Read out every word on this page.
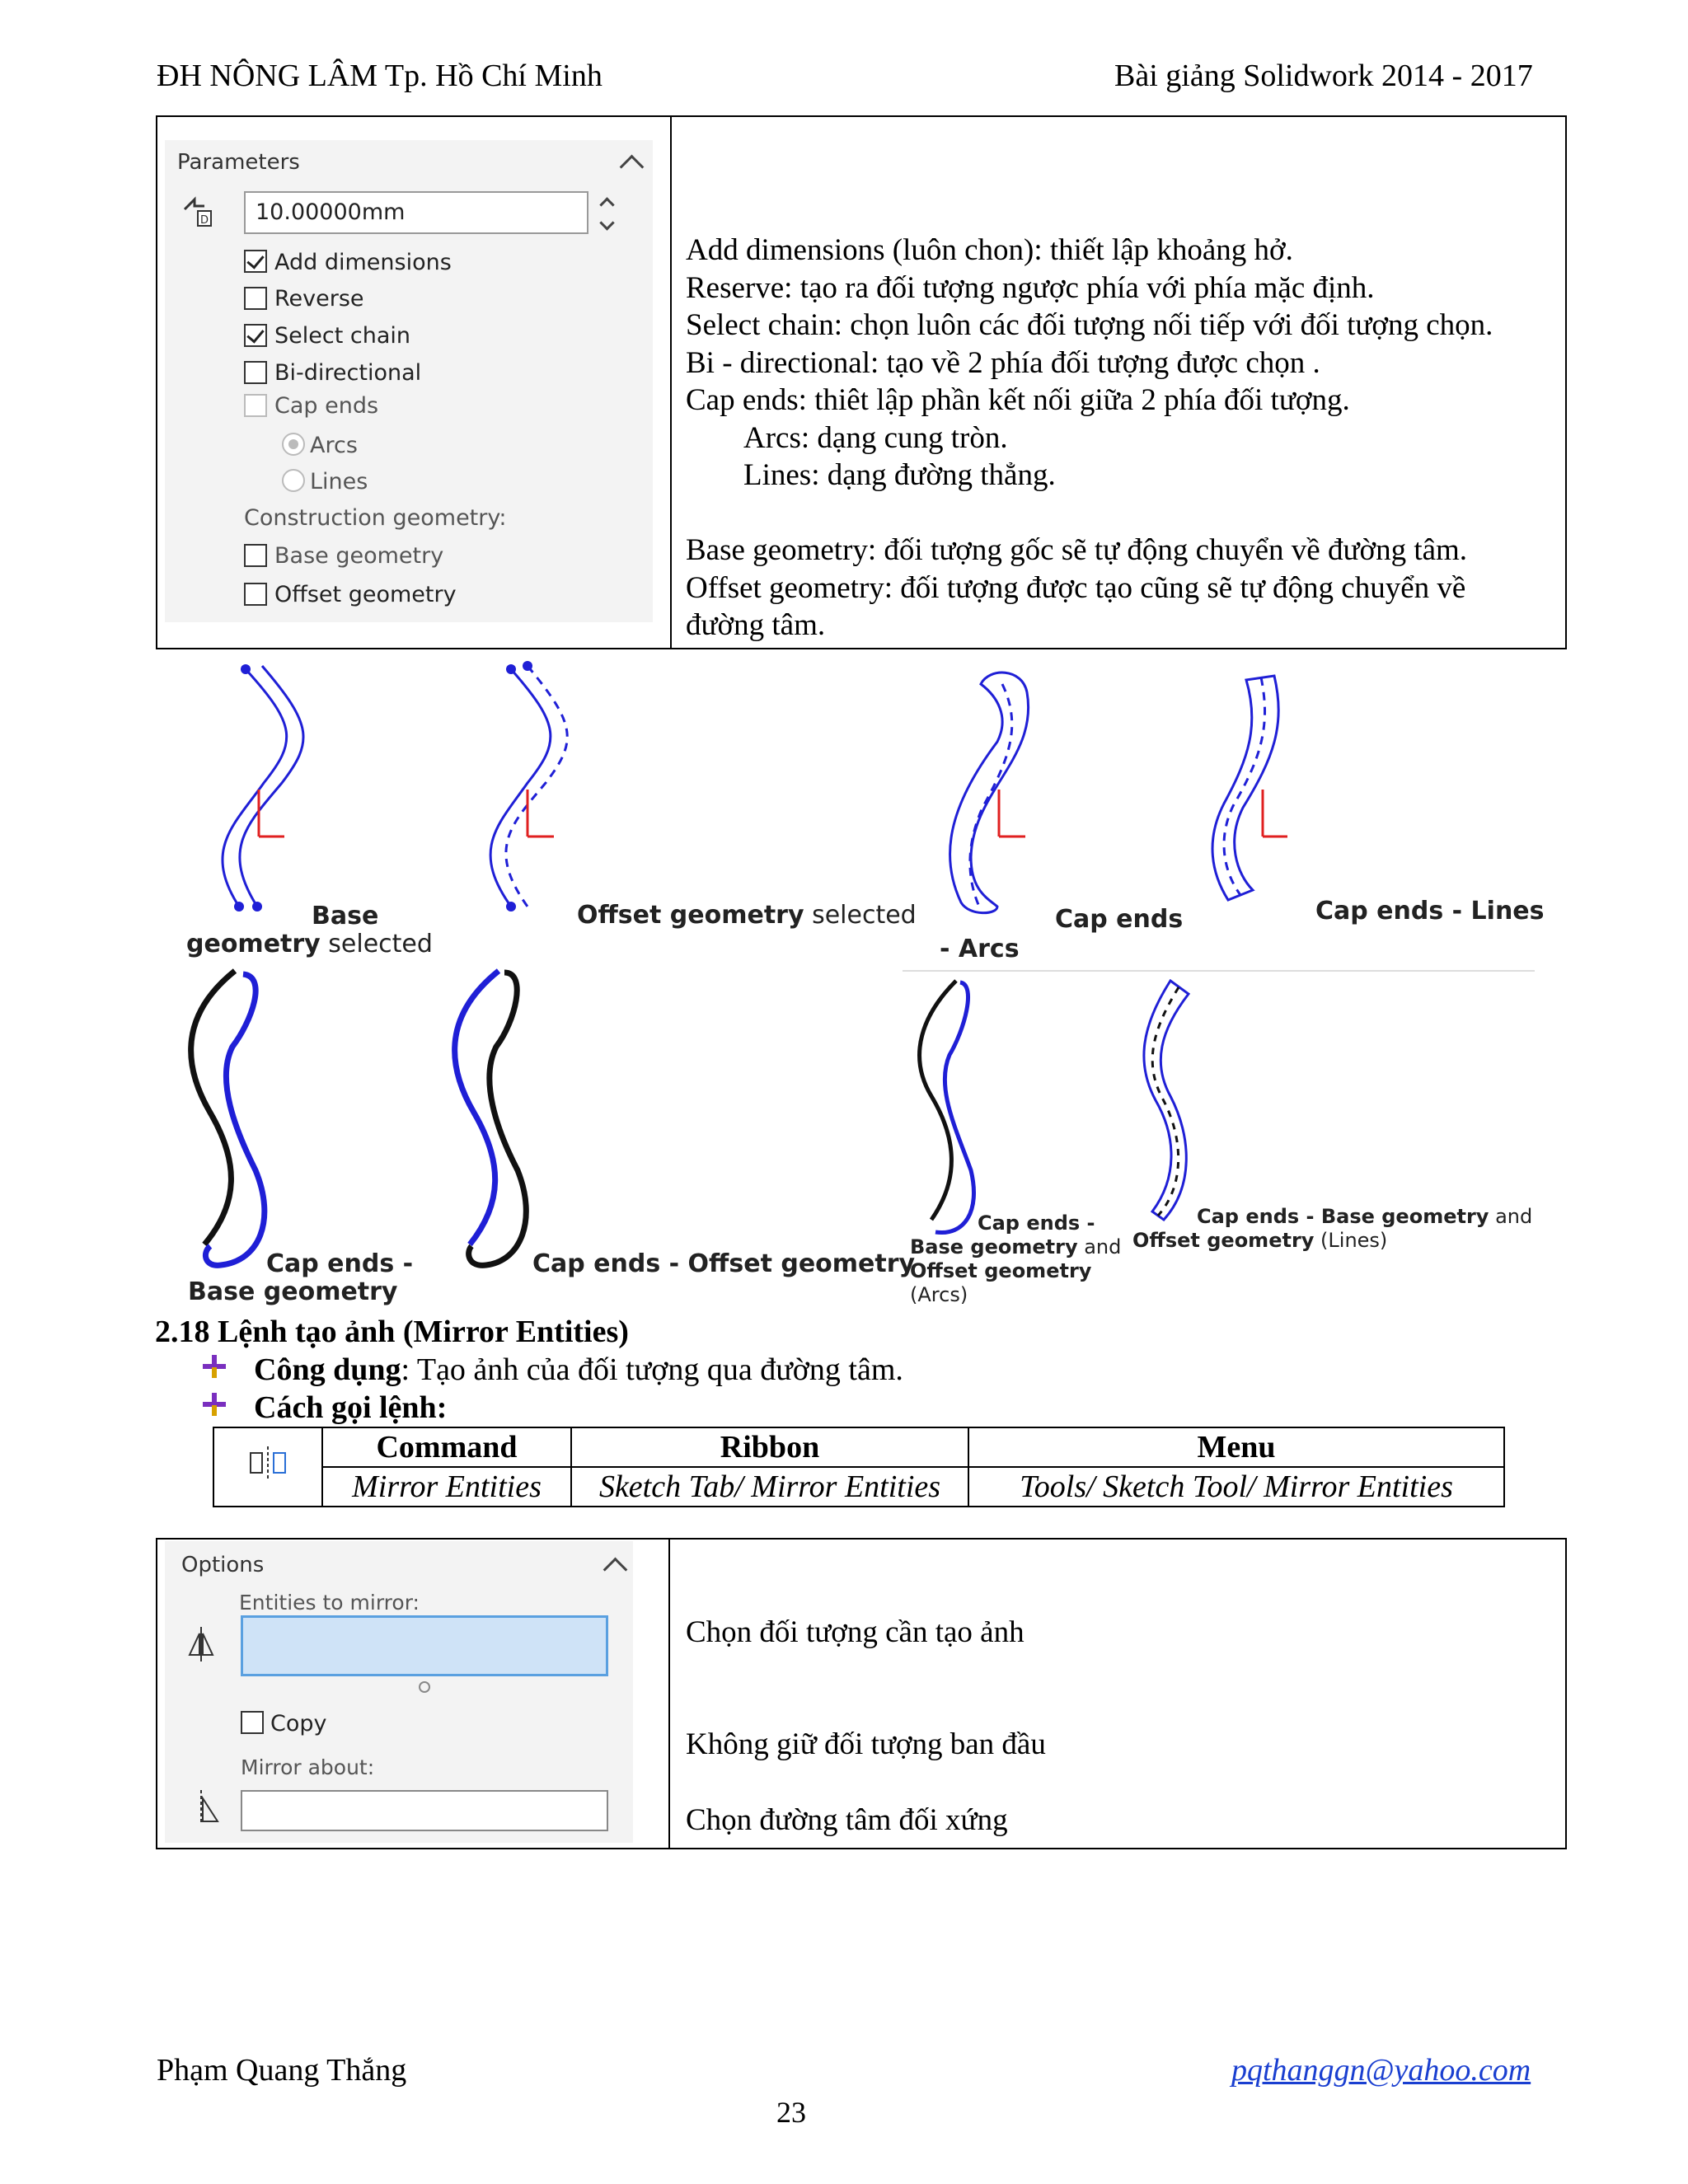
ĐH NÔNG LÂM Tp. Hồ Chí Minh	Bài giảng Solidwork 2014 - 2017
Parameters
D 10.00000mm
Add dimensions
Reverse
Select chain
Bi-directional
Cap ends
Arcs
Lines
Construction geometry:
Base geometry
Offset geometry
Add dimensions (luôn chon): thiết lập khoảng hở.
Reserve: tạo ra đối tượng ngược phía với phía mặc định.
Select chain: chọn luôn các đối tượng nối tiếp với đối tượng chọn.
Bi - directional: tạo về 2 phía đối tượng được chọn .
Cap ends: thiêt lập phần kết nối giữa 2 phía đối tượng.
Arcs: dạng cung tròn.
Lines: dạng đường thẳng.
Base geometry: đối tượng gốc sẽ tự động chuyển về đường tâm.
Offset geometry: đối tượng được tạo cũng sẽ tự động chuyển về
đường tâm.
Base
geometry selected
Offset geometry selected	Cap ends
- Arcs
Cap ends - Lines
Cap ends -
Base geometry
Cap ends - Offset geometry
Cap ends -
Base geometry and
Offset geometry
(Arcs)
Cap ends - Base geometry and
Offset geometry (Lines)
2.18 Lệnh tạo ảnh (Mirror Entities)
Công dụng: Tạo ảnh của đối tượng qua đường tâm.
Cách gọi lệnh:
	Command	Ribbon	Menu
	Mirror Entities	Sketch Tab/ Mirror Entities	Tools/ Sketch Tool/ Mirror Entities
Options
Entities to mirror:
Copy
Mirror about:
Chọn đối tượng cần tạo ảnh
Không giữ đối tượng ban đầu
Chọn đường tâm đối xứng
Phạm Quang Thắng	pqthanggn@yahoo.com
23
